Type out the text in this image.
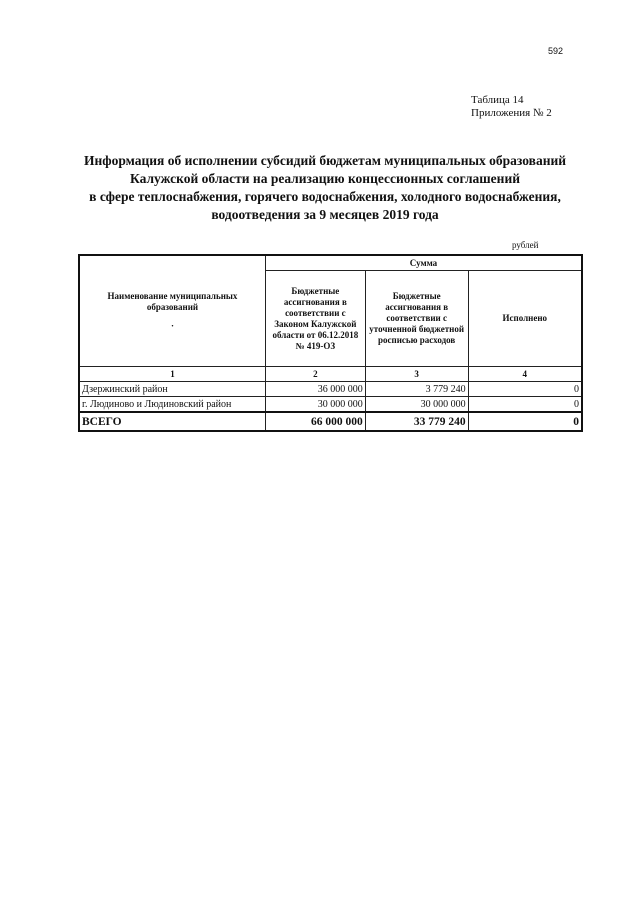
592
Таблица 14
Приложения № 2
Информация об исполнении субсидий бюджетам муниципальных образований
Калужской области на реализацию концессионных соглашений
в сфере теплоснабжения, горячего водоснабжения, холодного водоснабжения,
водоотведения за 9 месяцев 2019 года
рублей
Наименование муниципальных образований
·	Сумма		
	Бюджетные ассигнования в соответствии с Законом Калужской области от 06.12.2018 № 419-ОЗ	Бюджетные ассигнования в соответствии с уточненной бюджетной росписью расходов	Исполнено
1	2	3	4
Дзержинский район	36 000 000	3 779 240	0
г. Людиново и Людиновский район	30 000 000	30 000 000	0
ВСЕГО	66 000 000	33 779 240	0
